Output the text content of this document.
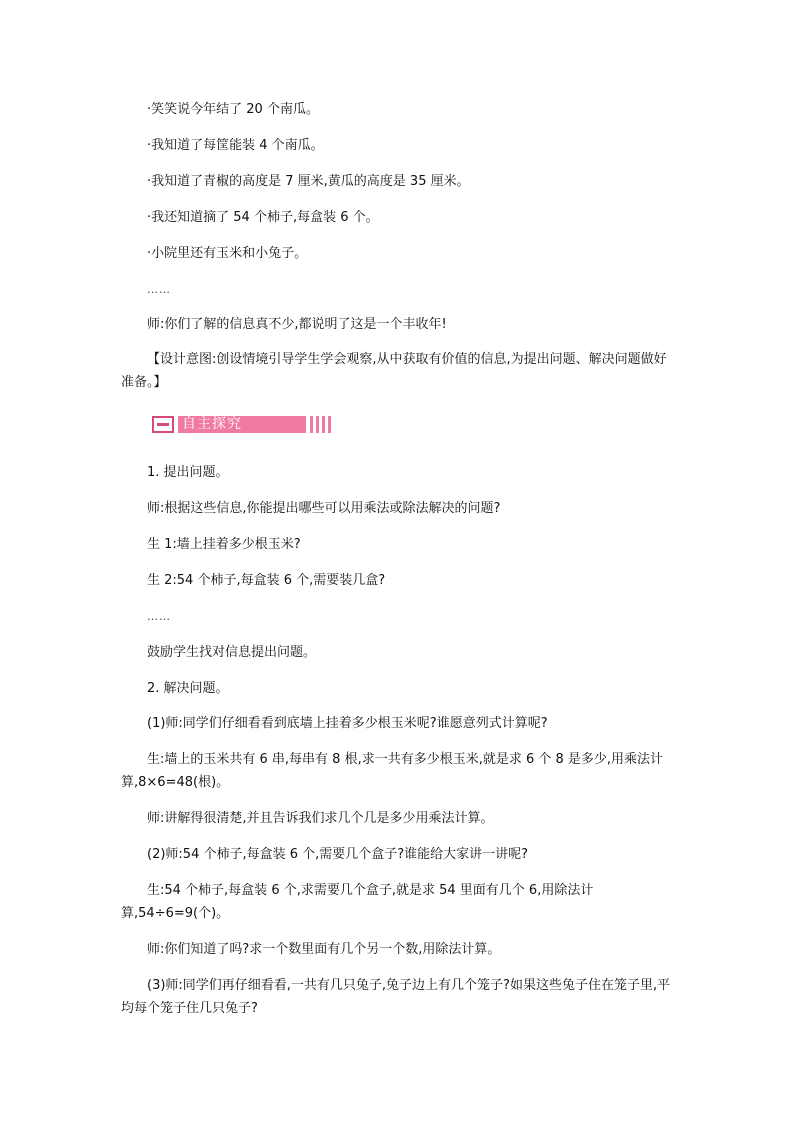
·笑笑说今年结了 20 个南瓜。
·我知道了每筐能装 4 个南瓜。
·我知道了青椒的高度是 7 厘米,黄瓜的高度是 35 厘米。
·我还知道摘了 54 个柿子,每盒装 6 个。
·小院里还有玉米和小兔子。
……
师:你们了解的信息真不少,都说明了这是一个丰收年!
【设计意图:创设情境引导学生学会观察,从中获取有价值的信息,为提出问题、解决问题做好准备。】
自主探究
1. 提出问题。
师:根据这些信息,你能提出哪些可以用乘法或除法解决的问题?
生 1:墙上挂着多少根玉米?
生 2:54 个柿子,每盒装 6 个,需要装几盒?
……
鼓励学生找对信息提出问题。
2. 解决问题。
(1)师:同学们仔细看看到底墙上挂着多少根玉米呢?谁愿意列式计算呢?
生:墙上的玉米共有 6 串,每串有 8 根,求一共有多少根玉米,就是求 6 个 8 是多少,用乘法计算,8×6=48(根)。
师:讲解得很清楚,并且告诉我们求几个几是多少用乘法计算。
(2)师:54 个柿子,每盒装 6 个,需要几个盒子?谁能给大家讲一讲呢?
生:54 个柿子,每盒装 6 个,求需要几个盒子,就是求 54 里面有几个 6,用除法计算,54÷6=9(个)。
师:你们知道了吗?求一个数里面有几个另一个数,用除法计算。
(3)师:同学们再仔细看看,一共有几只兔子,兔子边上有几个笼子?如果这些兔子住在笼子里,平均每个笼子住几只兔子?
